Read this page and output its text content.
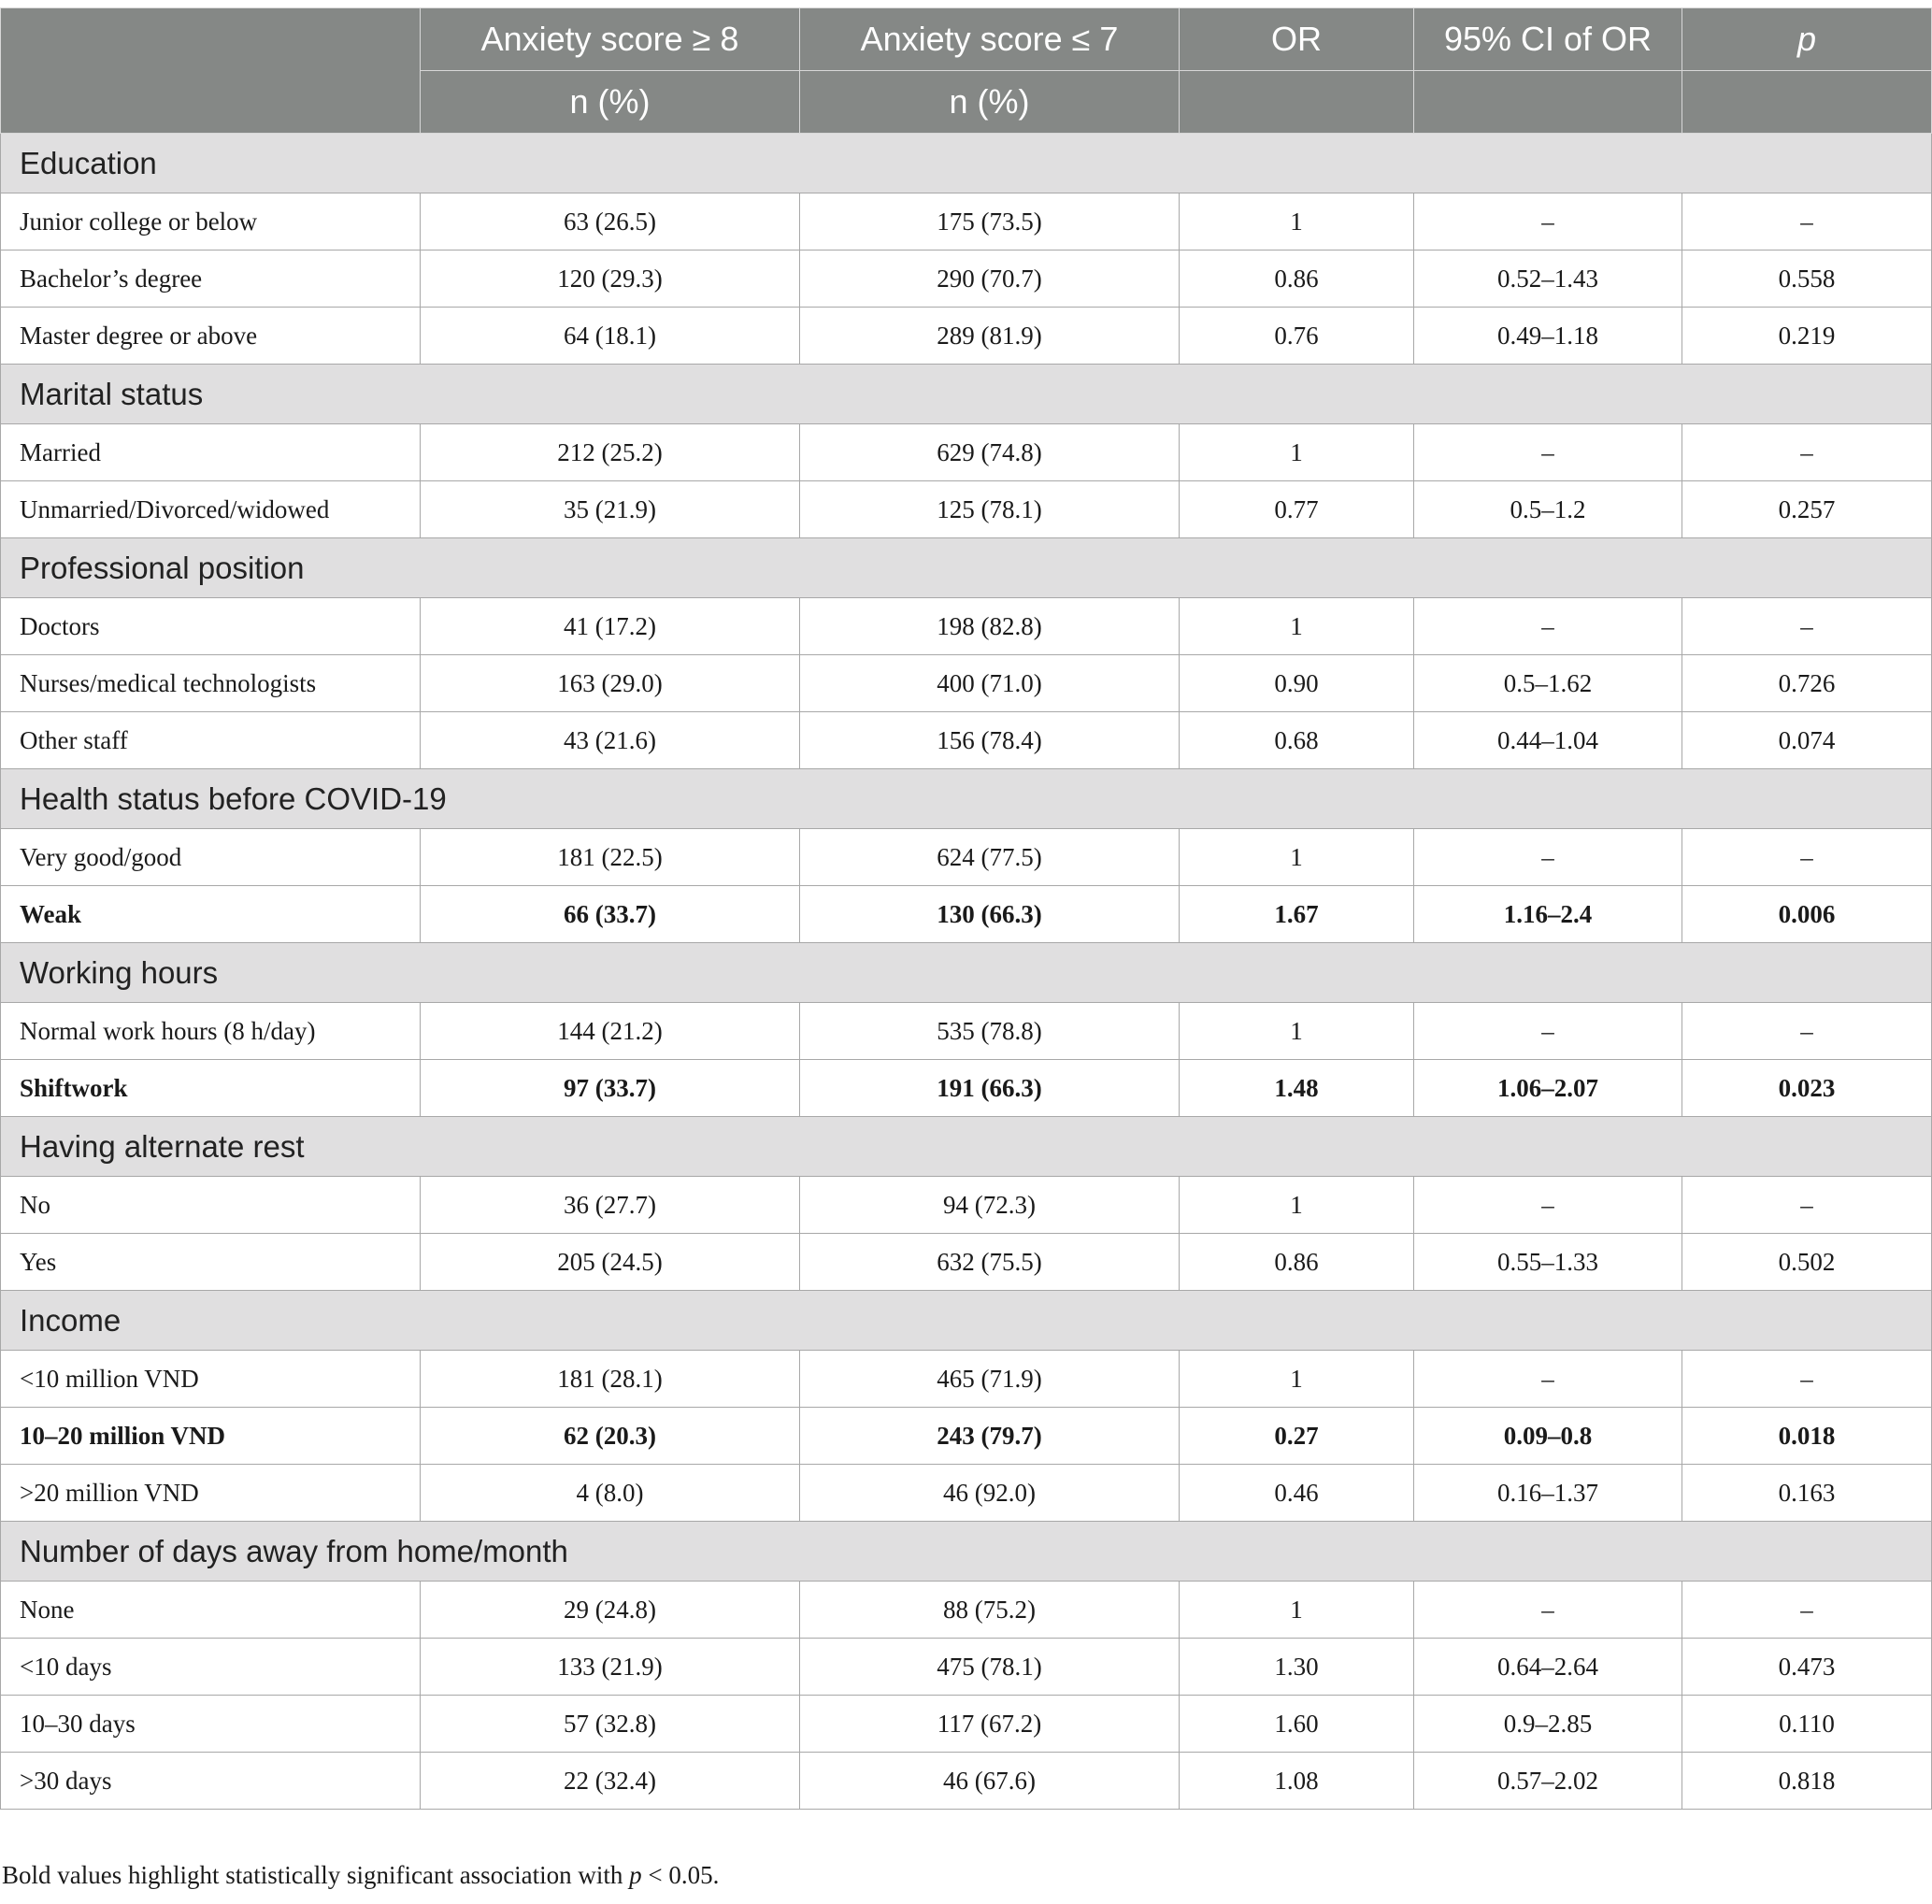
	Anxiety score ≥ 8	Anxiety score ≤ 7	OR	95% CI of OR	p
	n (%)	n (%)			
Education					
Junior college or below	63 (26.5)	175 (73.5)	1	–	–
Bachelor’s degree	120 (29.3)	290 (70.7)	0.86	0.52–1.43	0.558
Master degree or above	64 (18.1)	289 (81.9)	0.76	0.49–1.18	0.219
Marital status					
Married	212 (25.2)	629 (74.8)	1	–	–
Unmarried/Divorced/widowed	35 (21.9)	125 (78.1)	0.77	0.5–1.2	0.257
Professional position					
Doctors	41 (17.2)	198 (82.8)	1	–	–
Nurses/medical technologists	163 (29.0)	400 (71.0)	0.90	0.5–1.62	0.726
Other staff	43 (21.6)	156 (78.4)	0.68	0.44–1.04	0.074
Health status before COVID-19					
Very good/good	181 (22.5)	624 (77.5)	1	–	–
Weak	66 (33.7)	130 (66.3)	1.67	1.16–2.4	0.006
Working hours					
Normal work hours (8 h/day)	144 (21.2)	535 (78.8)	1	–	–
Shiftwork	97 (33.7)	191 (66.3)	1.48	1.06–2.07	0.023
Having alternate rest					
No	36 (27.7)	94 (72.3)	1	–	–
Yes	205 (24.5)	632 (75.5)	0.86	0.55–1.33	0.502
Income					
<10 million VND	181 (28.1)	465 (71.9)	1	–	–
10–20 million VND	62 (20.3)	243 (79.7)	0.27	0.09–0.8	0.018
>20 million VND	4 (8.0)	46 (92.0)	0.46	0.16–1.37	0.163
Number of days away from home/month					
None	29 (24.8)	88 (75.2)	1	–	–
<10 days	133 (21.9)	475 (78.1)	1.30	0.64–2.64	0.473
10–30 days	57 (32.8)	117 (67.2)	1.60	0.9–2.85	0.110
>30 days	22 (32.4)	46 (67.6)	1.08	0.57–2.02	0.818
Bold values highlight statistically significant association with p < 0.05.
